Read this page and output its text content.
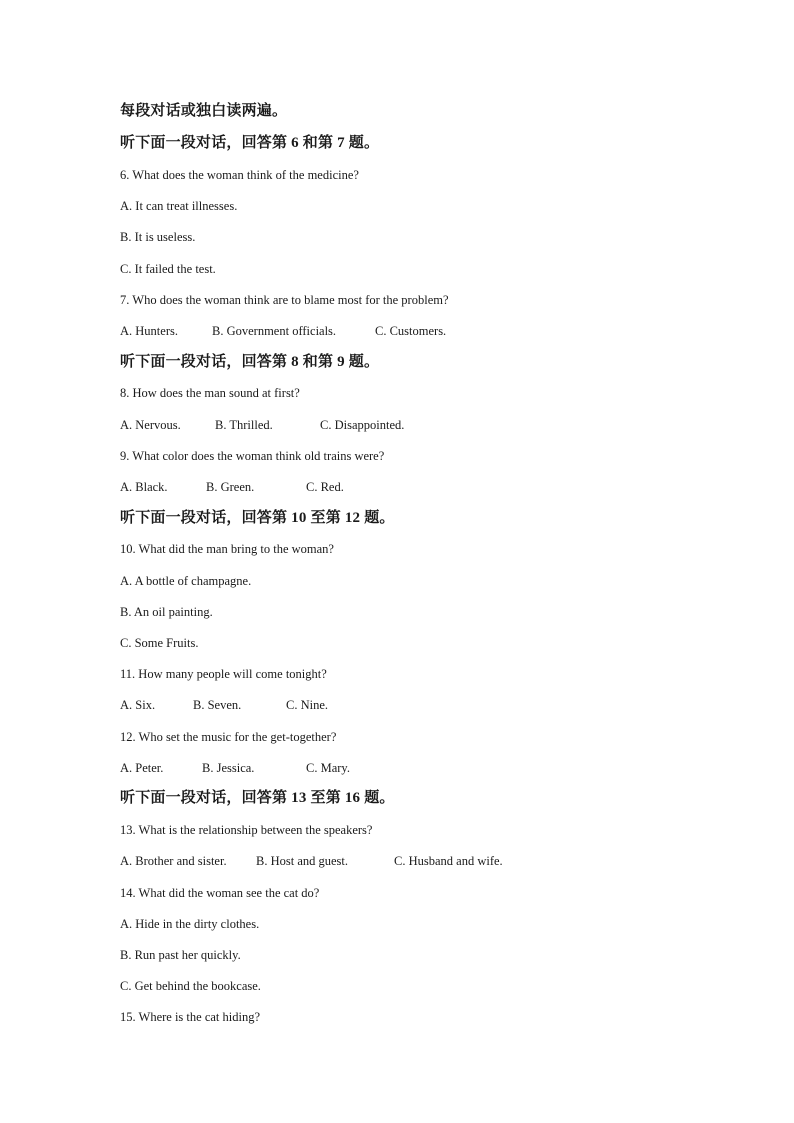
每段对话或独白读两遍。
听下面一段对话，回答第 6 和第 7 题。
6. What does the woman think of the medicine?
A. It can treat illnesses.
B. It is useless.
C. It failed the test.
7. Who does the woman think are to blame most for the problem?
A. Hunters.	B. Government officials.	C. Customers.
听下面一段对话，回答第 8 和第 9 题。
8. How does the man sound at first?
A. Nervous.	B. Thrilled.	C. Disappointed.
9. What color does the woman think old trains were?
A. Black.	B. Green.	C. Red.
听下面一段对话，回答第 10 至第 12 题。
10. What did the man bring to the woman?
A. A bottle of champagne.
B. An oil painting.
C. Some Fruits.
11. How many people will come tonight?
A. Six.	B. Seven.	C. Nine.
12. Who set the music for the get-together?
A. Peter.	B. Jessica.	C. Mary.
听下面一段对话，回答第 13 至第 16 题。
13. What is the relationship between the speakers?
A. Brother and sister. B. Host and guest.	C. Husband and wife.
14. What did the woman see the cat do?
A. Hide in the dirty clothes.
B. Run past her quickly.
C. Get behind the bookcase.
15. Where is the cat hiding?
